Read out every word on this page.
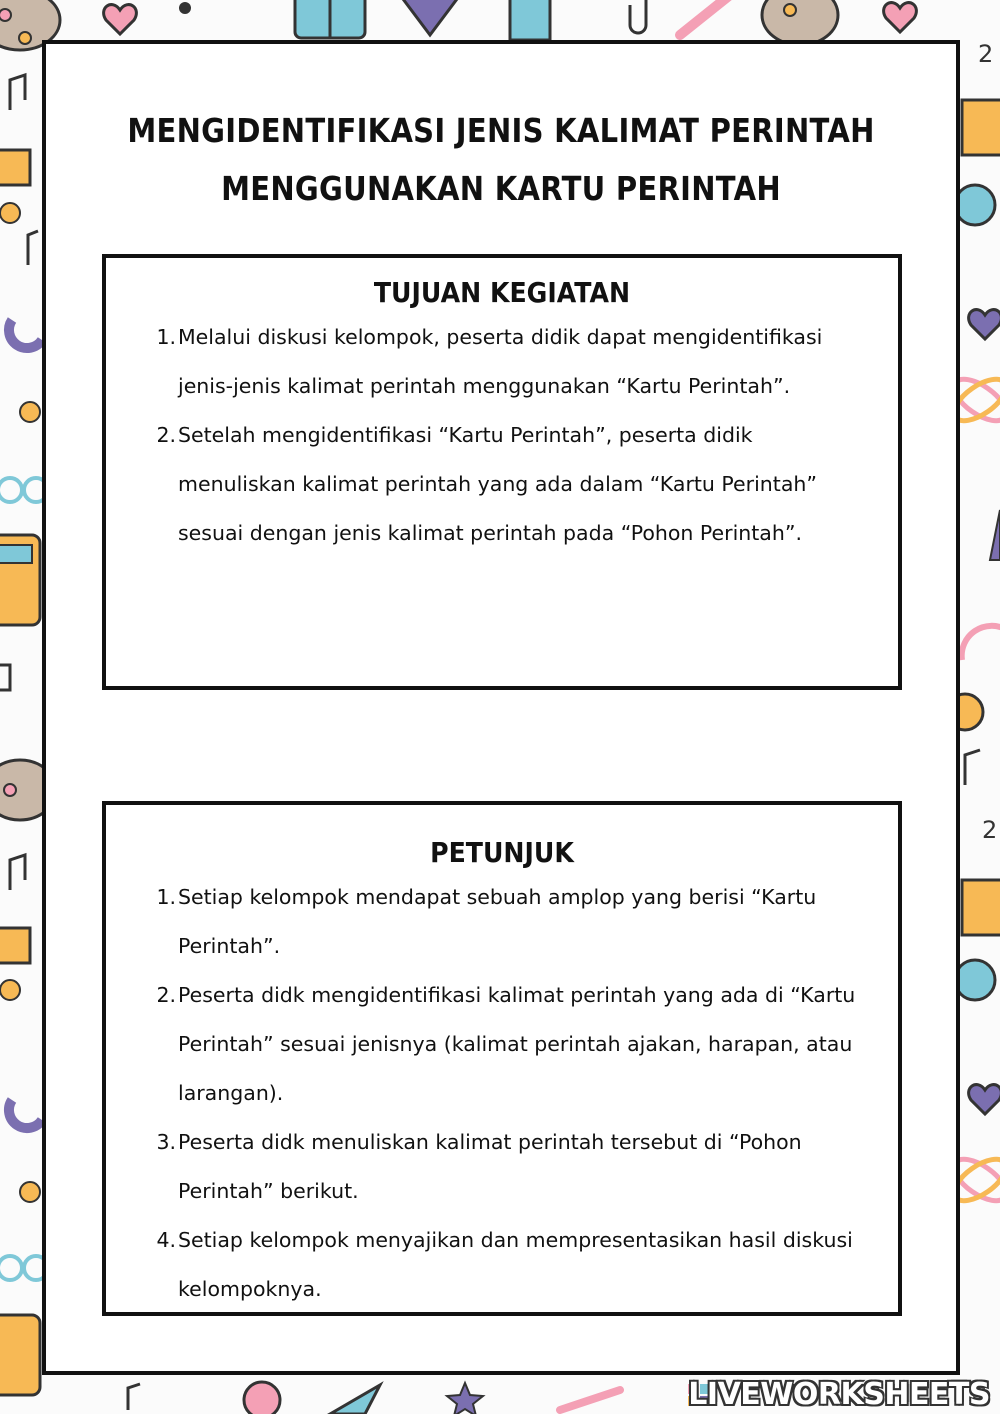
2
2
MENGIDENTIFIKASI JENIS KALIMAT PERINTAH
MENGGUNAKAN KARTU PERINTAH
TUJUAN KEGIATAN
1. Melalui diskusi kelompok, peserta didik dapat mengidentifikasi jenis-jenis kalimat perintah menggunakan “Kartu Perintah”.
2. Setelah mengidentifikasi “Kartu Perintah”, peserta didik menuliskan kalimat perintah yang ada dalam “Kartu Perintah” sesuai dengan jenis kalimat perintah pada “Pohon Perintah”.
PETUNJUK
1. Setiap kelompok mendapat sebuah amplop yang berisi “Kartu Perintah”.
2. Peserta didk mengidentifikasi kalimat perintah yang ada di “Kartu Perintah” sesuai jenisnya (kalimat perintah ajakan, harapan, atau larangan).
3. Peserta didk menuliskan kalimat perintah tersebut di “Pohon Perintah” berikut.
4. Setiap kelompok menyajikan dan mempresentasikan hasil diskusi kelompoknya.
LIVEWORKSHEETS
